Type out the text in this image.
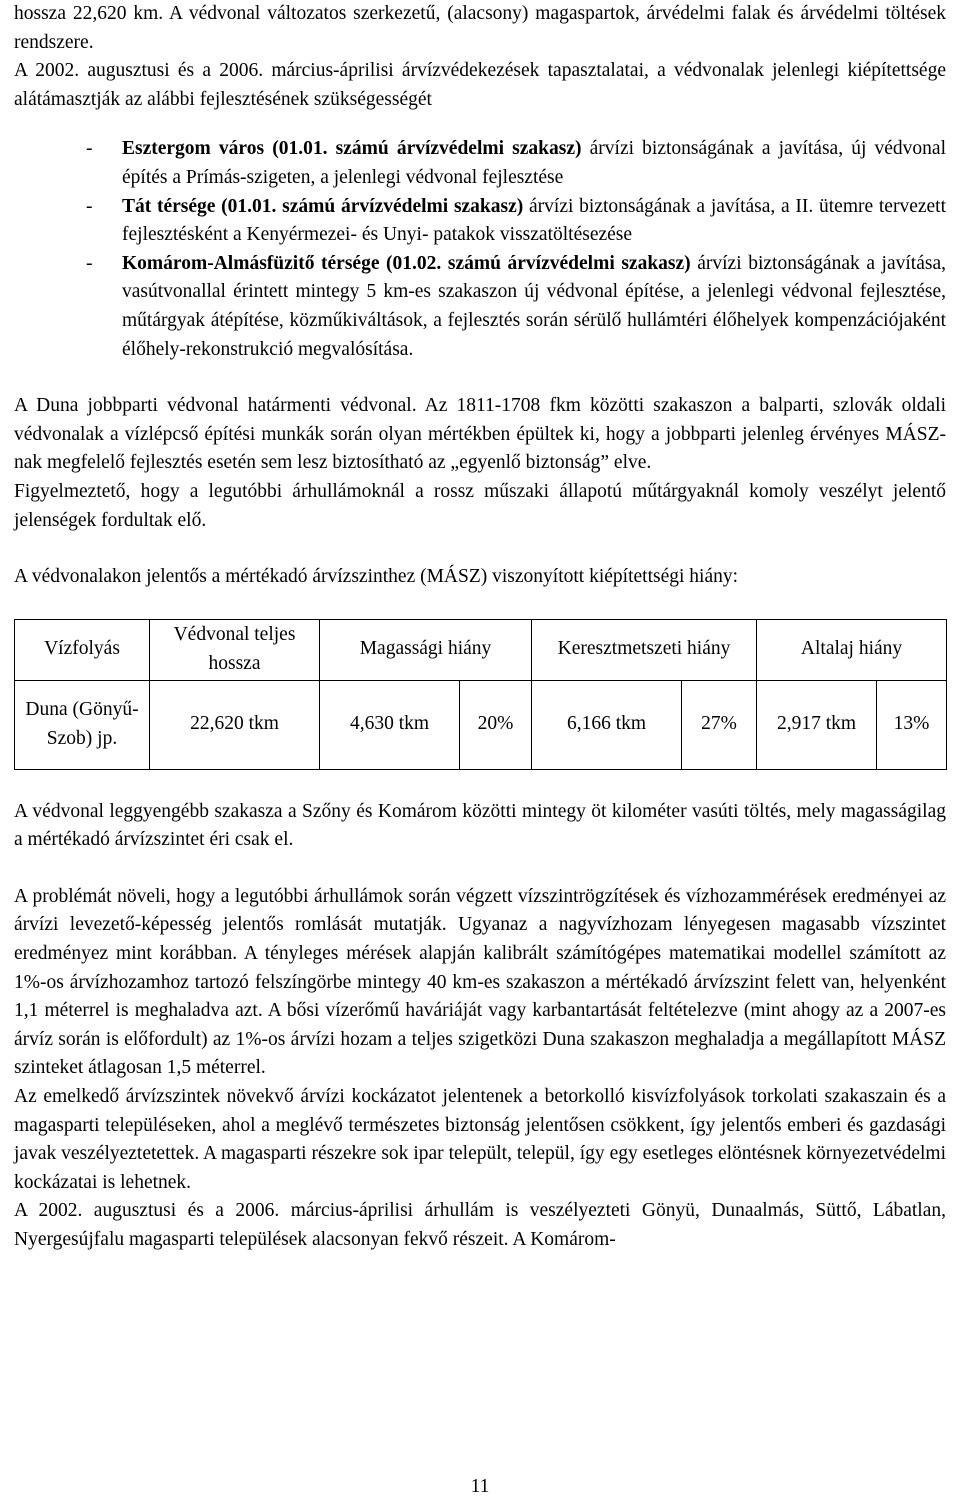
hossza 22,620 km. A védvonal változatos szerkezetű, (alacsony) magaspartok, árvédelmi falak és árvédelmi töltések rendszere.

A 2002. augusztusi és a 2006. március-áprilisi árvízvédekezések tapasztalatai, a védvonalak jelenlegi kiépítettsége alátámasztják az alábbi fejlesztésének szükségességét

- Esztergom város (01.01. számú árvízvédelmi szakasz) árvízi biztonságának a javítása, új védvonal építés a Prímás-szigeten, a jelenlegi védvonal fejlesztése
- Tát térsége (01.01. számú árvízvédelmi szakasz) árvízi biztonságának a javítása, a II. ütemre tervezett fejlesztésként a Kenyérmezei- és Unyi- patakok visszatöltésezése
- Komárom-Almásfüzitő térsége (01.02. számú árvízvédelmi szakasz) árvízi biztonságának a javítása, vasútvonallal érintett mintegy 5 km-es szakaszon új védvonal építése, a jelenlegi védvonal fejlesztése, műtárgyak átépítése, közműkiváltások, a fejlesztés során sérülő hullámtéri élőhelyek kompenzációjaként élőhely-rekonstrukció megvalósítása.

A Duna jobbparti védvonal határmenti védvonal. Az 1811-1708 fkm közötti szakaszon a balparti, szlovák oldali védvonalak a vízlépcső építési munkák során olyan mértékben épültek ki, hogy a jobbparti jelenleg érvényes MÁSZ-nak megfelelő fejlesztés esetén sem lesz biztosítható az „egyenlő biztonság” elve.

Figyelmeztető, hogy a legutóbbi árhullámoknál a rossz műszaki állapotú műtárgyaknál komoly veszélyt jelentő jelenségek fordultak elő.

A védvonalakon jelentős a mértékadó árvízszinthez (MÁSZ) viszonyított kiépítettségi hiány:

Vízfolyás	Védvonal teljes hossza	Magassági hiány		Keresztmetszeti hiány		Altalaj hiány	
Duna (Gönyű-Szob) jp.	22,620 tkm	4,630 tkm	20%	6,166 tkm	27%	2,917 tkm	13%

A védvonal leggyengébb szakasza a Szőny és Komárom közötti mintegy öt kilométer vasúti töltés, mely magasságilag a mértékadó árvízszintet éri csak el.

A problémát növeli, hogy a legutóbbi árhullámok során végzett vízszintrögzítések és vízhozammérések eredményei az árvízi levezető-képesség jelentős romlását mutatják. Ugyanaz a nagyvízhozam lényegesen magasabb vízszintet eredményez mint korábban. A tényleges mérések alapján kalibrált számítógépes matematikai modellel számított az 1%-os árvízhozamhoz tartozó felszíngörbe mintegy 40 km-es szakaszon a mértékadó árvízszint felett van, helyenként 1,1 méterrel is meghaladva azt. A bősi vízerőmű haváriáját vagy karbantartását feltételezve (mint ahogy az a 2007-es árvíz során is előfordult) az 1%-os árvízi hozam a teljes szigetközi Duna szakaszon meghaladja a megállapított MÁSZ szinteket átlagosan 1,5 méterrel.

Az emelkedő árvízszintek növekvő árvízi kockázatot jelentenek a betorkolló kisvízfolyások torkolati szakaszain és a magasparti településeken, ahol a meglévő természetes biztonság jelentősen csökkent, így jelentős emberi és gazdasági javak veszélyeztetettek. A magasparti részekre sok ipar települt, települ, így egy esetleges elöntésnek környezetvédelmi kockázatai is lehetnek.

A 2002. augusztusi és a 2006. március-áprilisi árhullám is veszélyezteti Gönyü, Dunaalmás, Süttő, Lábatlan, Nyergesújfalu magasparti települések alacsonyan fekvő részeit. A Komárom-

11
